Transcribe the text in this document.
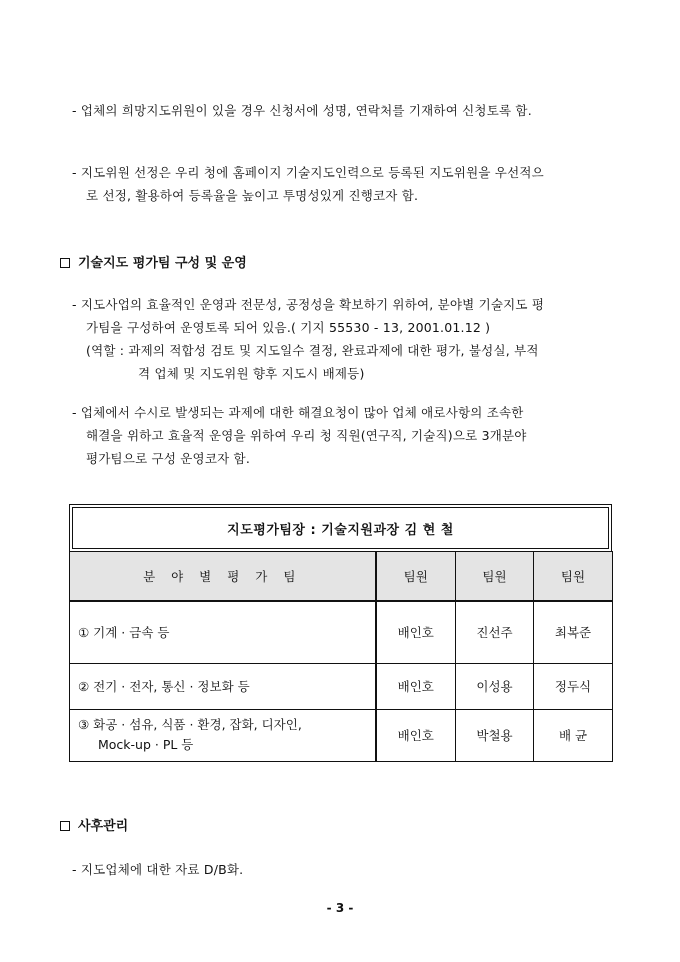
- 업체의 희망지도위원이 있을 경우 신청서에 성명, 연락처를 기재하여 신청토록 함.
- 지도위원 선정은 우리 청에 홈페이지 기술지도인력으로 등록된 지도위원을 우선적으
로 선정, 활용하여 등록율을 높이고 투명성있게 진행코자 함.
기술지도 평가팀 구성 및 운영
- 지도사업의 효율적인 운영과 전문성, 공정성을 확보하기 위하여, 분야별 기술지도 평
가팀을 구성하여 운영토록 되어 있음.( 기지 55530 - 13, 2001.01.12 )
(역할 : 과제의 적합성 검토 및 지도일수 결정, 완료과제에 대한 평가, 불성실, 부적
격 업체 및 지도위원 향후 지도시 배제등)
- 업체에서 수시로 발생되는 과제에 대한 해결요청이 많아 업체 애로사항의 조속한
해결을 위하고 효율적 운영을 위하여 우리 청 직원(연구직, 기술직)으로 3개분야
평가팀으로 구성 운영코자 함.
지도평가팀장 : 기술지원과장 김 현 철
분 야 별 평 가 팀	팀원	팀원	팀원
① 기계 · 금속 등	배인호	진선주	최복준
② 전기 · 전자, 통신 · 정보화 등	배인호	이성용	정두식

③ 화공 · 섬유, 식품 · 환경, 잡화, 디자인,
Mock-up · PL 등	배인호	박철용	배 균
사후관리
- 지도업체에 대한 자료 D/B화.
- 3 -
